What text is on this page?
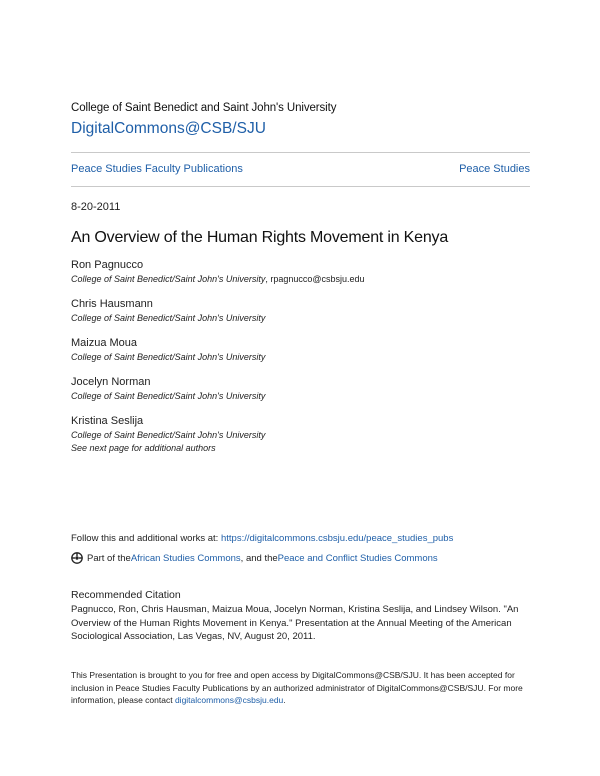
College of Saint Benedict and Saint John's University
DigitalCommons@CSB/SJU
Peace Studies Faculty Publications	Peace Studies
8-20-2011
An Overview of the Human Rights Movement in Kenya
Ron Pagnucco
College of Saint Benedict/Saint John's University, rpagnucco@csbsju.edu
Chris Hausmann
College of Saint Benedict/Saint John's University
Maizua Moua
College of Saint Benedict/Saint John's University
Jocelyn Norman
College of Saint Benedict/Saint John's University
Kristina Seslija
College of Saint Benedict/Saint John's University
See next page for additional authors
Follow this and additional works at: https://digitalcommons.csbsju.edu/peace_studies_pubs
Part of the African Studies Commons , and the Peace and Conflict Studies Commons
Recommended Citation
Pagnucco, Ron, Chris Hausman, Maizua Moua, Jocelyn Norman, Kristina Seslija, and Lindsey Wilson. "An Overview of the Human Rights Movement in Kenya." Presentation at the Annual Meeting of the American Sociological Association, Las Vegas, NV, August 20, 2011.
This Presentation is brought to you for free and open access by DigitalCommons@CSB/SJU. It has been accepted for inclusion in Peace Studies Faculty Publications by an authorized administrator of DigitalCommons@CSB/SJU. For more information, please contact digitalcommons@csbsju.edu.
